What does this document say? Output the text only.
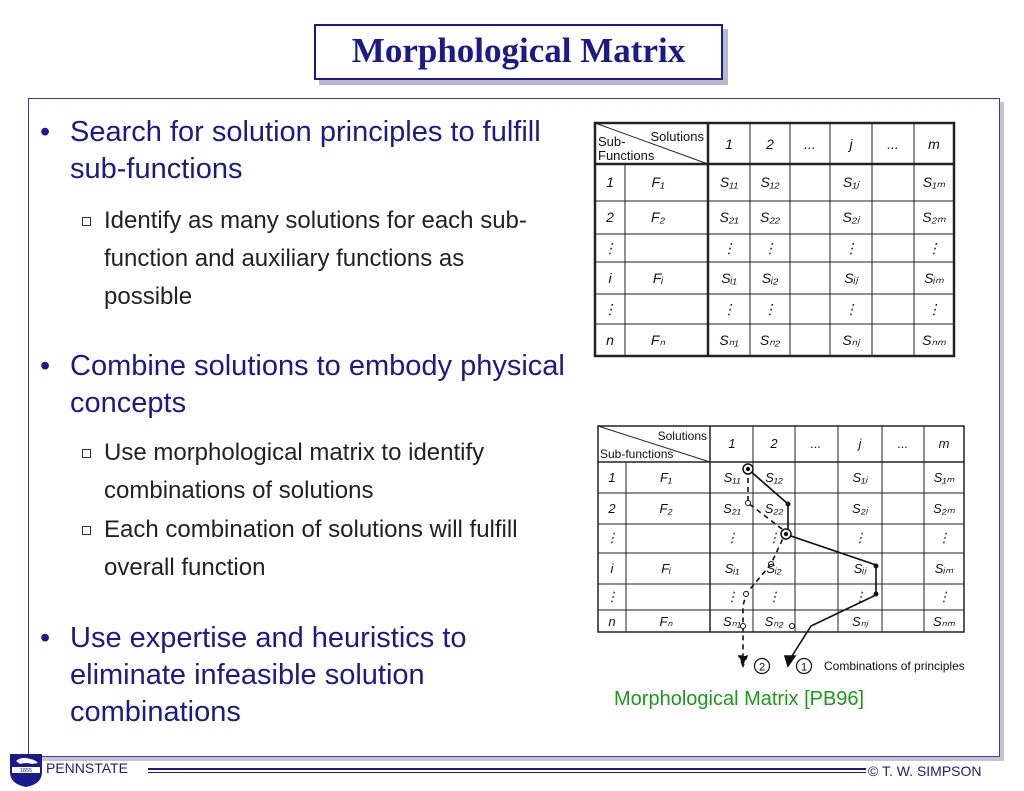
Morphological Matrix
• Search for solution principles to fulfill sub-functions
Identify as many solutions for each sub-function and auxiliary functions as possible
• Combine solutions to embody physical concepts
Use morphological matrix to identify combinations of solutions
Each combination of solutions will fulfill overall function
• Use expertise and heuristics to eliminate infeasible solution combinations
Solutions
Sub-
Functions
1 2 ... j ... m
1	F₁	S₁₁ S₁₂	S₁ⱼ	S₁ₘ
2	F₂	S₂₁ S₂₂	S₂ⱼ	S₂ₘ
⋮	⋮ ⋮	⋮	⋮
i	Fᵢ	Sᵢ₁ Sᵢ₂	Sᵢⱼ	Sᵢₘ
⋮	⋮ ⋮	⋮	⋮
n	Fₙ	Sₙ₁ Sₙ₂	Sₙⱼ	Sₙₘ
Solutions
Sub-functions
1	2	...	j	... m
1	F₁	S₁₁ S₁₂	S₁ⱼ	S₁ₘ
2	F₂	S₂₁ S₂₂	S₂ⱼ	S₂ₘ
⋮	⋮ ⋮	⋮	⋮
i	Fᵢ	Sᵢ₁ Sᵢ₂	Sᵢⱼ	Sᵢₘ
⋮	⋮ ⋮	⋮	⋮
n	Fₙ	Sₙ₁ Sₙ₂	Sₙⱼ	Sₙₘ
2	1 Combinations of principles
Morphological Matrix [PB96]
1855 PENNSTATE	© T. W. SIMPSON
